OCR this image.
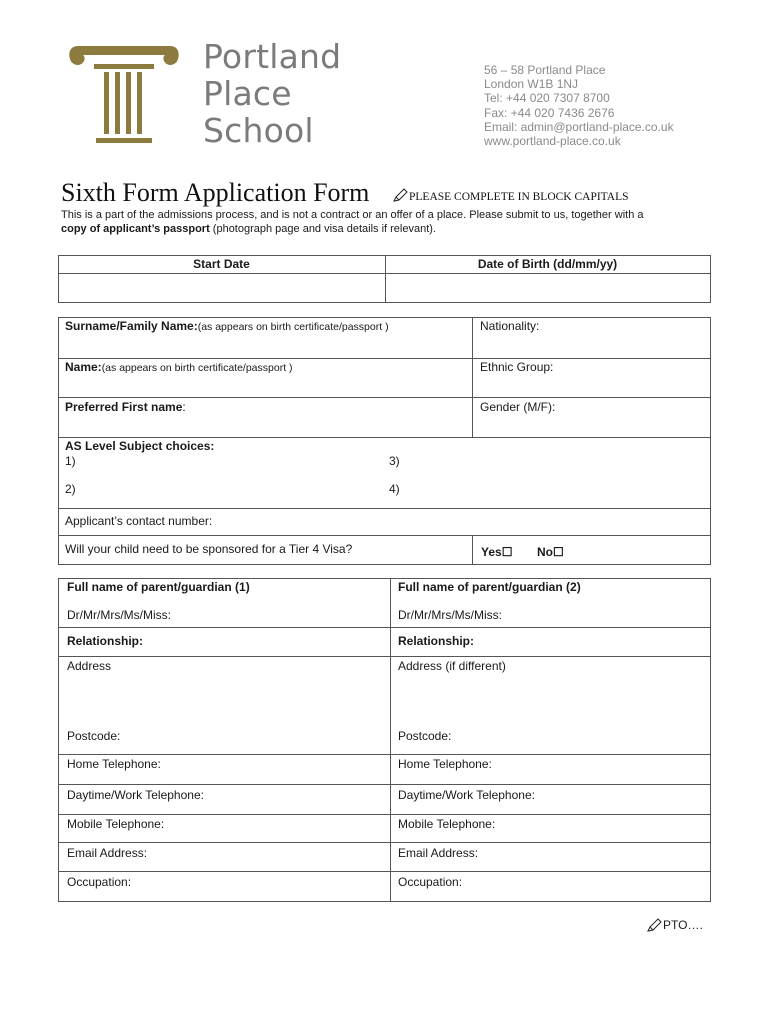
Portland
Place
School
56 – 58 Portland Place
London W1B 1NJ
Tel: +44 020 7307 8700
Fax: +44 020 7436 2676
Email: admin@portland-place.co.uk
www.portland-place.co.uk
Sixth Form Application Form	PLEASE COMPLETE IN BLOCK CAPITALS
This is a part of the admissions process, and is not a contract or an offer of a place. Please submit to us, together with a
copy of applicant’s passport (photograph page and visa details if relevant).
Start Date	Date of Birth (dd/mm/yy)
Surname/Family Name:(as appears on birth certificate/passport )	Nationality:
Name:(as appears on birth certificate/passport )	Ethnic Group:
Preferred First name:	Gender (M/F):
AS Level Subject choices:
1)	3)
2)	4)
Applicant’s contact number:
Will your child need to be sponsored for a Tier 4 Visa?	Yes☐ No☐
Full name of parent/guardian (1)	Full name of parent/guardian (2)
Dr/Mr/Mrs/Ms/Miss:	Dr/Mr/Mrs/Ms/Miss:
Relationship:	Relationship:
Address	Address (if different)
Postcode:	Postcode:
Home Telephone:	Home Telephone:
Daytime/Work Telephone:	Daytime/Work Telephone:
Mobile Telephone:	Mobile Telephone:
Email Address:	Email Address:
Occupation:	Occupation:
PTO….
